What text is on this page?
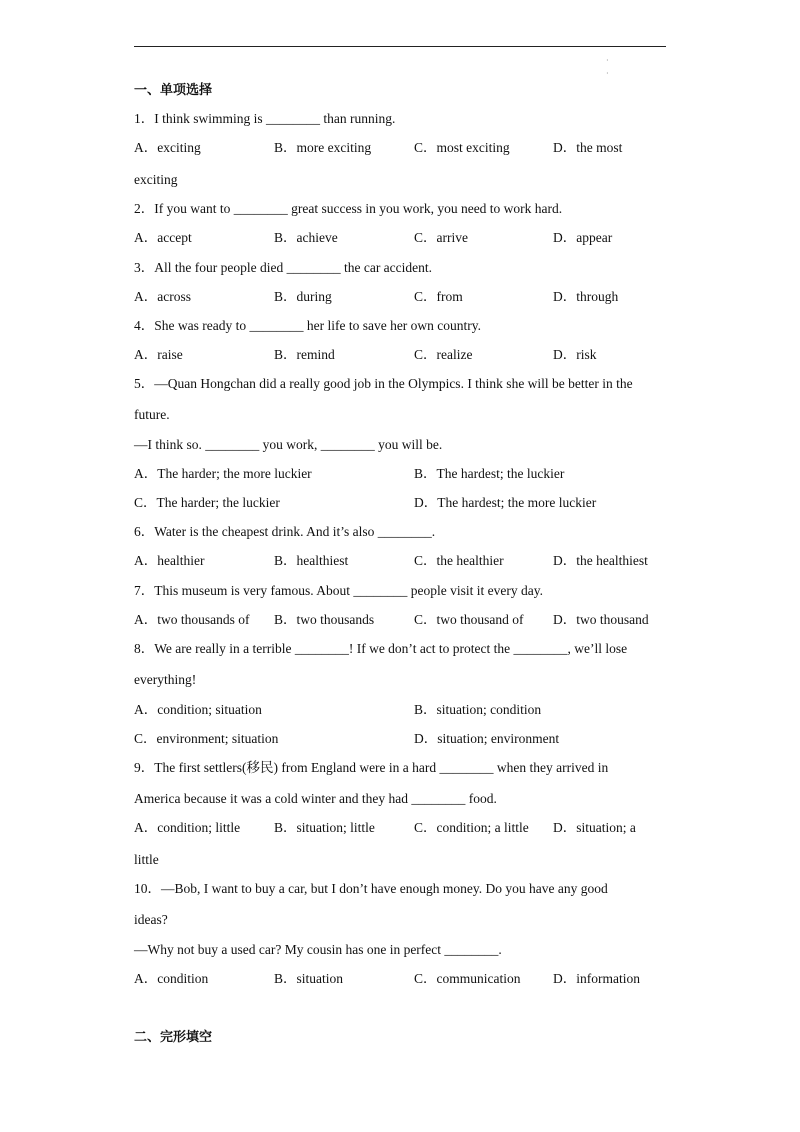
·
·
一、单项选择
1．I think swimming is ________ than running.
A．exciting	B．more exciting	C．most exciting	D．the most
exciting
2．If you want to ________ great success in you work, you need to work hard.
A．accept	B．achieve	C．arrive	D．appear
3．All the four people died ________ the car accident.
A．across	B．during	C．from	D．through
4．She was ready to ________ her life to save her own country.
A．raise	B．remind	C．realize	D．risk
5．—Quan Hongchan did a really good job in the Olympics. I think she will be better in the
future.
—I think so. ________ you work, ________ you will be.
A．The harder; the more luckier	B．The hardest; the luckier
C．The harder; the luckier	D．The hardest; the more luckier
6．Water is the cheapest drink. And it’s also ________.
A．healthier	B．healthiest	C．the healthier	D．the healthiest
7．This museum is very famous. About ________ people visit it every day.
A．two thousands of B．two thousands	C．two thousand of D．two thousand
8．We are really in a terrible ________! If we don’t act to protect the ________, we’ll lose
everything!
A．condition; situation	B．situation; condition
C．environment; situation	D．situation; environment
9．The first settlers(移民) from England were in a hard ________ when they arrived in
America because it was a cold winter and they had ________ food.
A．condition; little	B．situation; little	C．condition; a little D．situation; a
little
10．—Bob, I want to buy a car, but I don’t have enough money. Do you have any good
ideas?
—Why not buy a used car? My cousin has one in perfect ________.
A．condition	B．situation	C．communication D．information
二、完形填空
